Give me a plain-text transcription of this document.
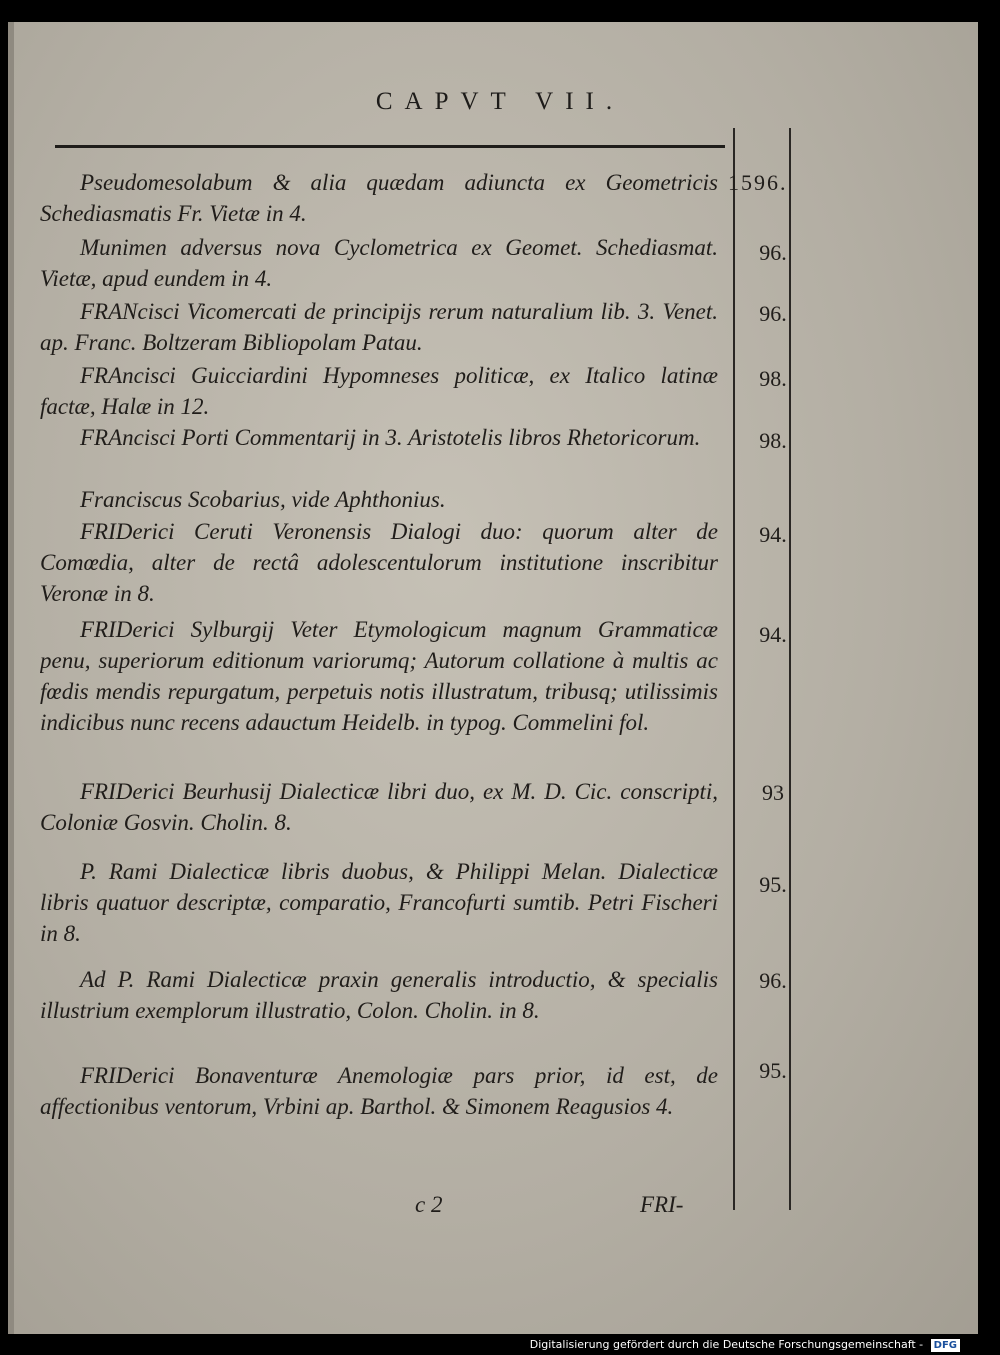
CAPVT VII.
Pseudomesolabum & alia quædam adiuncta ex Geometricis Schediasmatis Fr. Vietæ in 4.
1596.
Munimen adversus nova Cyclometrica ex Geomet. Schediasmat. Vietæ, apud eundem in 4.
96.
FRANcisci Vicomercati de principijs rerum naturalium lib. 3. Venet. ap. Franc. Boltzeram Bibliopolam Patau.
96.
FRAncisci Guicciardini Hypomneses politicæ, ex Italico latinæ factæ, Halæ in 12.
98.
FRAncisci Porti Commentarij in 3. Aristotelis libros Rhetoricorum.	98.
Franciscus Scobarius, vide Aphthonius.
FRIDerici Ceruti Veronensis Dialogi duo: quorum alter de Comœdia, alter de rectâ adolescentulorum institutione inscribitur Veronæ in 8.
94.
FRIDerici Sylburgij Veter Etymologicum magnum Grammaticæ penu, superiorum editionum variorumq; Autorum collatione à multis ac fœdis mendis repurgatum, perpetuis notis illustratum, tribusq; utilissimis indicibus nunc recens adauctum Heidelb. in typog. Commelini fol.
94.
FRIDerici Beurhusij Dialecticæ libri duo, ex M. D. Cic. conscripti, Coloniæ Gosvin. Cholin. 8.
93
P. Rami Dialecticæ libris duobus, & Philippi Melan. Dialecticæ libris quatuor descriptæ, comparatio, Francofurti sumtib. Petri Fischeri in 8.
95.
Ad P. Rami Dialecticæ praxin generalis introductio, & specialis illustrium exemplorum illustratio, Colon. Cholin. in 8.
96.
FRIDerici Bonaventuræ Anemologiæ pars prior, id est, de affectionibus ventorum, Vrbini ap. Barthol. & Simonem Reagusios 4.
95.
c 2	FRI-
Digitalisierung gefördert durch die Deutsche Forschungsgemeinschaft - DFG
